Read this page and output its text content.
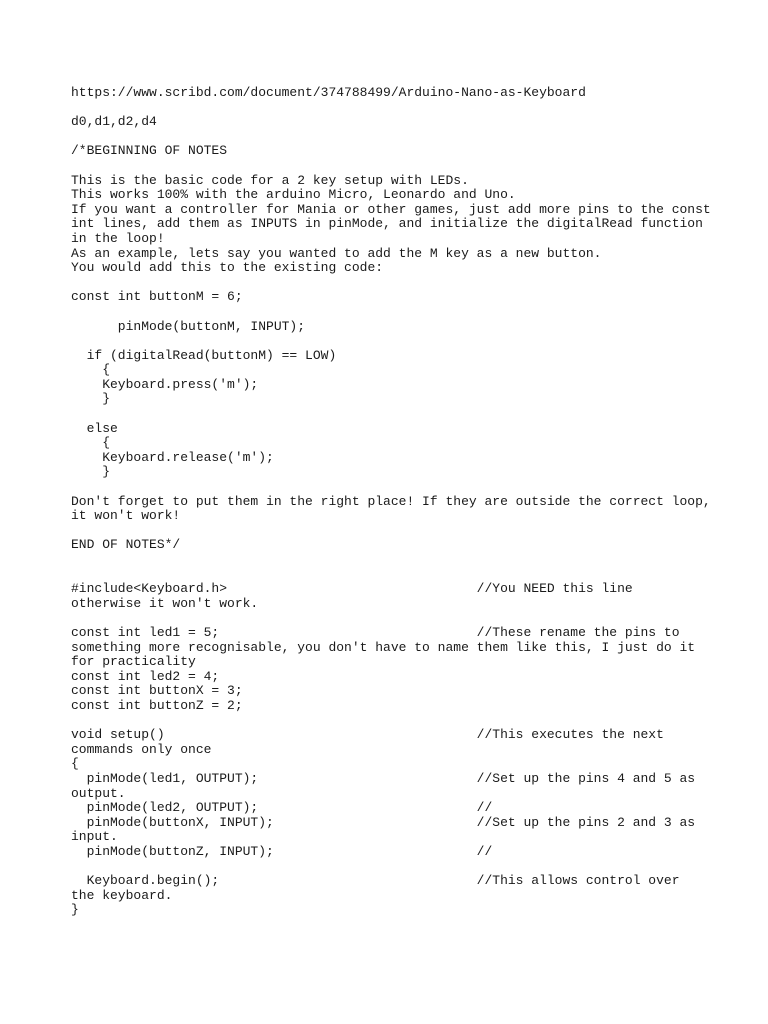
https://www.scribd.com/document/374788499/Arduino-Nano-as-Keyboard
d0,d1,d2,d4
/*BEGINNING OF NOTES
This is the basic code for a 2 key setup with LEDs.
This works 100% with the arduino Micro, Leonardo and Uno.
If you want a controller for Mania or other games, just add more pins to the const
int lines, add them as INPUTS in pinMode, and initialize the digitalRead function
in the loop!
As an example, lets say you wanted to add the M key as a new button.
You would add this to the existing code:
const int buttonM = 6;
pinMode(buttonM, INPUT);
if (digitalRead(buttonM) == LOW)
{
Keyboard.press('m');
}
else
{
Keyboard.release('m');
}
Don't forget to put them in the right place! If they are outside the correct loop,
it won't work!
END OF NOTES*/
#include<Keyboard.h>                                //You NEED this line
otherwise it won't work.
const int led1 = 5;                                 //These rename the pins to
something more recognisable, you don't have to name them like this, I just do it
for practicality
const int led2 = 4;
const int buttonX = 3;
const int buttonZ = 2;
void setup()                                        //This executes the next
commands only once
{
pinMode(led1, OUTPUT);                            //Set up the pins 4 and 5 as
output.
pinMode(led2, OUTPUT);                            //
pinMode(buttonX, INPUT);                          //Set up the pins 2 and 3 as
input.
pinMode(buttonZ, INPUT);                          //
Keyboard.begin();                                 //This allows control over
the keyboard.
}
